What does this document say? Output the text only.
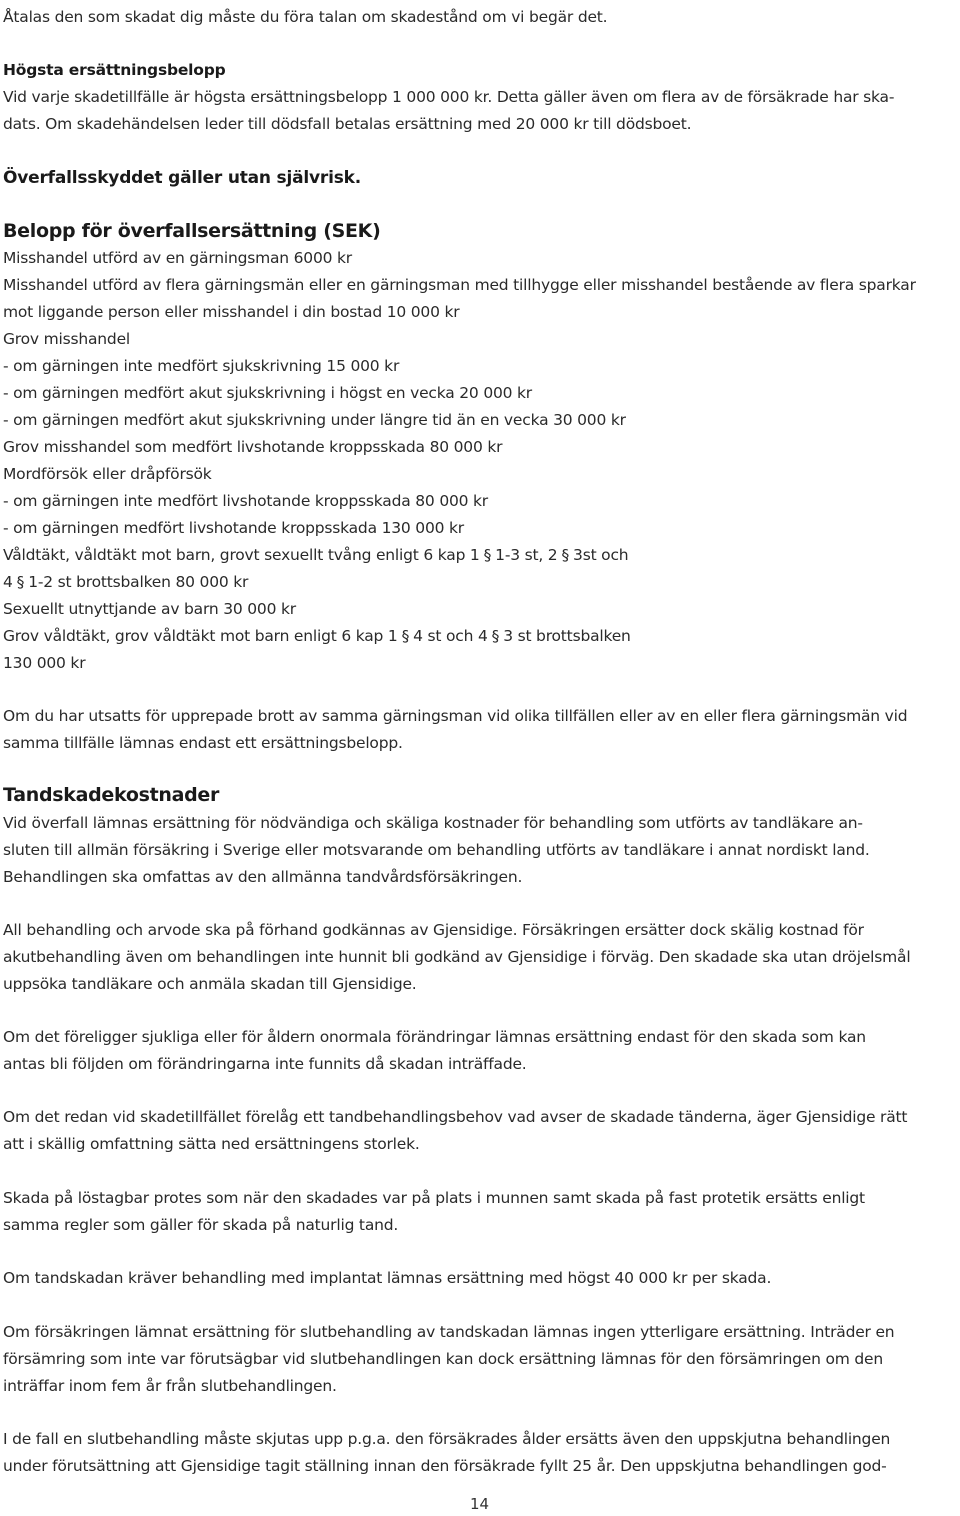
Åtalas den som skadat dig måste du föra talan om skadestånd om vi begär det.
Högsta ersättningsbelopp
Vid varje skadetillfälle är högsta ersättningsbelopp 1 000 000 kr. Detta gäller även om flera av de försäkrade har ska-
dats. Om skadehändelsen leder till dödsfall betalas ersättning med 20 000 kr till dödsboet.
Överfallsskyddet gäller utan självrisk.
Belopp för överfallsersättning (SEK)
Misshandel utförd av en gärningsman 6000 kr
Misshandel utförd av flera gärningsmän eller en gärningsman med tillhygge eller misshandel bestående av flera sparkar
mot liggande person eller misshandel i din bostad 10 000 kr
Grov misshandel
- om gärningen inte medfört sjukskrivning 15 000 kr
- om gärningen medfört akut sjukskrivning i högst en vecka 20 000 kr
- om gärningen medfört akut sjukskrivning under längre tid än en vecka 30 000 kr
Grov misshandel som medfört livshotande kroppsskada 80 000 kr
Mordförsök eller dråpförsök
- om gärningen inte medfört livshotande kroppsskada 80 000 kr
- om gärningen medfört livshotande kroppsskada 130 000 kr
Våldtäkt, våldtäkt mot barn, grovt sexuellt tvång enligt 6 kap 1 § 1-3 st, 2 § 3st och
4 § 1-2 st brottsbalken 80 000 kr
Sexuellt utnyttjande av barn 30 000 kr
Grov våldtäkt, grov våldtäkt mot barn enligt 6 kap 1 § 4 st och 4 § 3 st brottsbalken
130 000 kr
Om du har utsatts för upprepade brott av samma gärningsman vid olika tillfällen eller av en eller flera gärningsmän vid
samma tillfälle lämnas endast ett ersättningsbelopp.
Tandskadekostnader
Vid överfall lämnas ersättning för nödvändiga och skäliga kostnader för behandling som utförts av tandläkare an-
sluten till allmän försäkring i Sverige eller motsvarande om behandling utförts av tandläkare i annat nordiskt land.
Behandlingen ska omfattas av den allmänna tandvårdsförsäkringen.
All behandling och arvode ska på förhand godkännas av Gjensidige. Försäkringen ersätter dock skälig kostnad för
akutbehandling även om behandlingen inte hunnit bli godkänd av Gjensidige i förväg. Den skadade ska utan dröjelsmål
uppsöka tandläkare och anmäla skadan till Gjensidige.
Om det föreligger sjukliga eller för åldern onormala förändringar lämnas ersättning endast för den skada som kan
antas bli följden om förändringarna inte funnits då skadan inträffade.
Om det redan vid skadetillfället förelåg ett tandbehandlingsbehov vad avser de skadade tänderna, äger Gjensidige rätt
att i skällig omfattning sätta ned ersättningens storlek.
Skada på löstagbar protes som när den skadades var på plats i munnen samt skada på fast protetik ersätts enligt
samma regler som gäller för skada på naturlig tand.
Om tandskadan kräver behandling med implantat lämnas ersättning med högst 40 000 kr per skada.
Om försäkringen lämnat ersättning för slutbehandling av tandskadan lämnas ingen ytterligare ersättning. Inträder en
försämring som inte var förutsägbar vid slutbehandlingen kan dock ersättning lämnas för den försämringen om den
inträffar inom fem år från slutbehandlingen.
I de fall en slutbehandling måste skjutas upp p.g.a. den försäkrades ålder ersätts även den uppskjutna behandlingen
under förutsättning att Gjensidige tagit ställning innan den försäkrade fyllt 25 år. Den uppskjutna behandlingen god-
14
